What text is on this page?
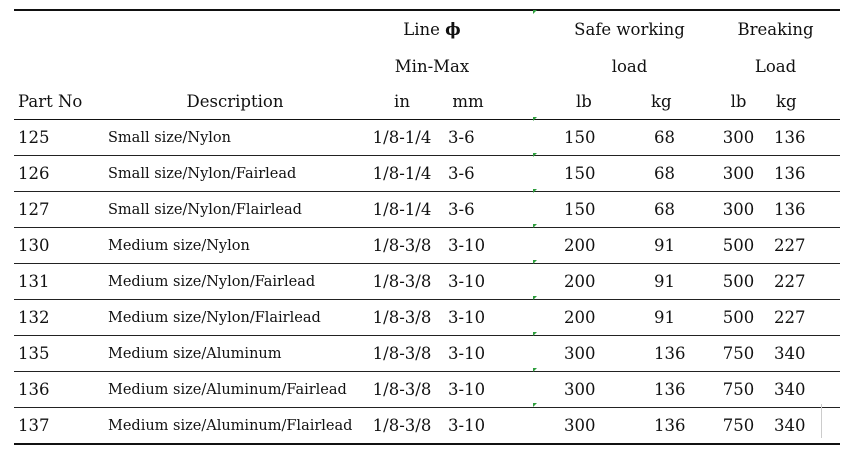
		Line ϕ			Safe working		Breaking	
		Min-Max			load		Load	
Part No	Description	in	mm		lb	kg	lb	kg
125	Small size/Nylon	1/8-1/4	3-6		150	68	300	136
126	Small size/Nylon/Fairlead	1/8-1/4	3-6		150	68	300	136
127	Small size/Nylon/Flairlead	1/8-1/4	3-6		150	68	300	136
130	Medium size/Nylon	1/8-3/8	3-10		200	91	500	227
131	Medium size/Nylon/Fairlead	1/8-3/8	3-10		200	91	500	227
132	Medium size/Nylon/Flairlead	1/8-3/8	3-10		200	91	500	227
135	Medium size/Aluminum	1/8-3/8	3-10		300	136	750	340
136	Medium size/Aluminum/Fairlead	1/8-3/8	3-10		300	136	750	340
137	Medium size/Aluminum/Flairlead	1/8-3/8	3-10		300	136	750	340
